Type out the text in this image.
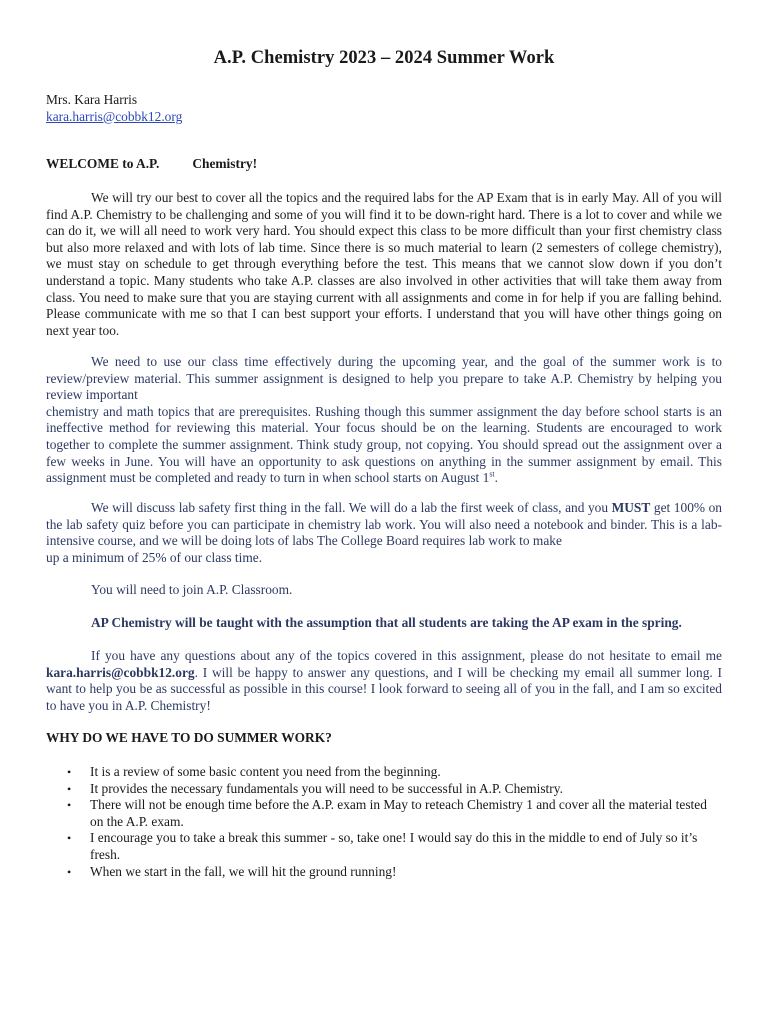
A.P. Chemistry 2023 – 2024 Summer Work
Mrs. Kara Harris
kara.harris@cobbk12.org

WELCOME to A.P. Chemistry!

We will try our best to cover all the topics and the required labs for the AP Exam that is in early May. All of you will find A.P. Chemistry to be challenging and some of you will find it to be down-right hard. There is a lot to cover and while we can do it, we will all need to work very hard. You should expect this class to be more difficult than your first chemistry class but also more relaxed and with lots of lab time. Since there is so much material to learn (2 semesters of college chemistry), we must stay on schedule to get through everything before the test. This means that we cannot slow down if you don’t understand a topic. Many students who take A.P. classes are also involved in other activities that will take them away from class. You need to make sure that you are staying current with all assignments and come in for help if you are falling behind. Please communicate with me so that I can best support your efforts. I understand that you will have other things going on next year too.

We need to use our class time effectively during the upcoming year, and the goal of the summer work is to review/preview material. This summer assignment is designed to help you prepare to take A.P. Chemistry by helping you review important
chemistry and math topics that are prerequisites. Rushing though this summer assignment the day before school starts is an ineffective method for reviewing this material. Your focus should be on the learning. Students are encouraged to work together to complete the summer assignment. Think study group, not copying. You should spread out the assignment over a few weeks in June. You will have an opportunity to ask questions on anything in the summer assignment by email. This assignment must be completed and ready to turn in when school starts on August 1st.

We will discuss lab safety first thing in the fall. We will do a lab the first week of class, and you MUST get 100% on the lab safety quiz before you can participate in chemistry lab work. You will also need a notebook and binder. This is a lab-intensive course, and we will be doing lots of labs The College Board requires lab work to make
up a minimum of 25% of our class time.

You will need to join A.P. Classroom.

AP Chemistry will be taught with the assumption that all students are taking the AP exam in the spring.

If you have any questions about any of the topics covered in this assignment, please do not hesitate to email me kara.harris@cobbk12.org. I will be happy to answer any questions, and I will be checking my email all summer long. I want to help you be as successful as possible in this course! I look forward to seeing all of you in the fall, and I am so excited to have you in A.P. Chemistry!

WHY DO WE HAVE TO DO SUMMER WORK?

• It is a review of some basic content you need from the beginning.
• It provides the necessary fundamentals you will need to be successful in A.P. Chemistry.
• There will not be enough time before the A.P. exam in May to reteach Chemistry 1 and cover all the material tested on the A.P. exam.
• I encourage you to take a break this summer - so, take one! I would say do this in the middle to end of July so it’s fresh.
• When we start in the fall, we will hit the ground running!
